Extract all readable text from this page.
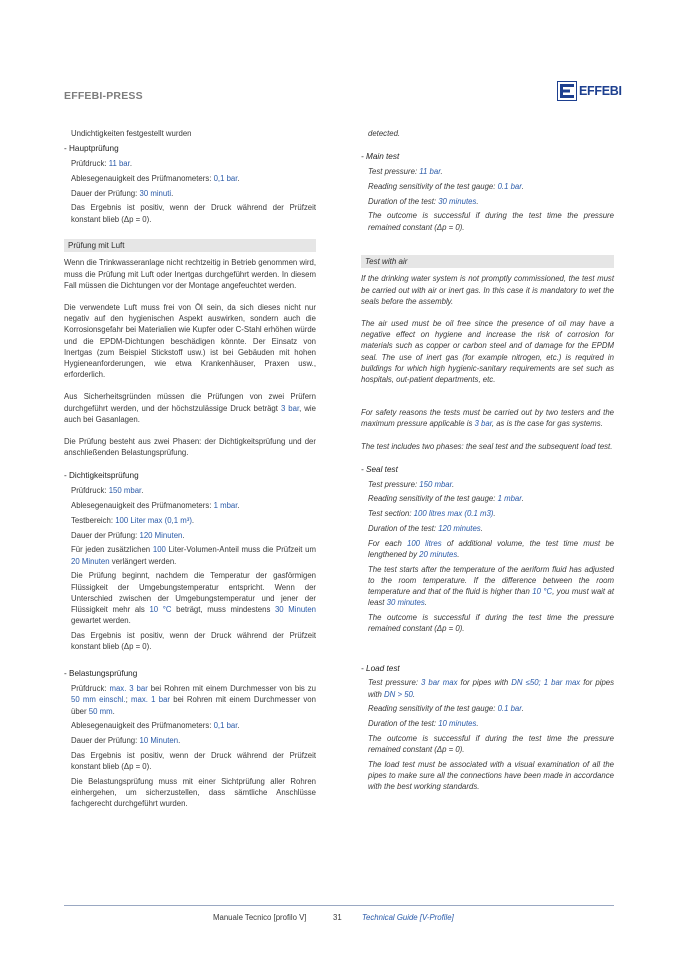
EFFEBI-PRESS	EFFEBI

Undichtigkeiten festgestellt wurden

- Hauptprüfung

Prüfdruck: 11 bar.

Ablesegenauigkeit des Prüfmanometers: 0,1 bar.

Dauer der Prüfung: 30 minuti.

Das Ergebnis ist positiv, wenn der Druck während der Prüfzeit konstant blieb (Δp = 0).

Prüfung mit Luft

Wenn die Trinkwasseranlage nicht rechtzeitig in Betrieb genommen wird, muss die Prüfung mit Luft oder Inertgas durchgeführt werden. In diesem Fall müssen die Dichtungen vor der Montage angefeuchtet werden.

Die verwendete Luft muss frei von Öl sein, da sich dieses nicht nur negativ auf den hygienischen Aspekt auswirken, sondern auch die Korrosionsgefahr bei Materialien wie Kupfer oder C-Stahl erhöhen würde und die EPDM-Dichtungen beschädigen könnte. Der Einsatz von Inertgas (zum Beispiel Stickstoff usw.) ist bei Gebäuden mit hohen Hygieneanforderungen, wie etwa Krankenhäuser, Praxen usw., erforderlich.

Aus Sicherheitsgründen müssen die Prüfungen von zwei Prüfern durchgeführt werden, und der höchstzulässige Druck beträgt 3 bar, wie auch bei Gasanlagen.

Die Prüfung besteht aus zwei Phasen: der Dichtigkeitsprüfung und der anschließenden Belastungsprüfung.

- Dichtigkeitsprüfung

Prüfdruck: 150 mbar.

Ablesegenauigkeit des Prüfmanometers: 1 mbar.

Testbereich: 100 Liter max (0,1 m³).

Dauer der Prüfung: 120 Minuten.

Für jeden zusätzlichen 100 Liter-Volumen-Anteil muss die Prüfzeit um 20 Minuten verlängert werden.

Die Prüfung beginnt, nachdem die Temperatur der gasförmigen Flüssigkeit der Umgebungstemperatur entspricht. Wenn der Unterschied zwischen der Umgebungstemperatur und jener der Flüssigkeit mehr als 10 °C beträgt, muss mindestens 30 Minuten gewartet werden.

Das Ergebnis ist positiv, wenn der Druck während der Prüfzeit konstant blieb (Δp = 0).

- Belastungsprüfung

Prüfdruck: max. 3 bar bei Rohren mit einem Durchmesser von bis zu 50 mm einschl.; max. 1 bar bei Rohren mit einem Durchmesser von über 50 mm.

Ablesegenauigkeit des Prüfmanometers: 0,1 bar.

Dauer der Prüfung: 10 Minuten.

Das Ergebnis ist positiv, wenn der Druck während der Prüfzeit konstant blieb (Δp = 0).

Die Belastungsprüfung muss mit einer Sichtprüfung aller Rohren einhergehen, um sicherzustellen, dass sämtliche Anschlüsse fachgerecht durchgeführt wurden.

detected.

- Main test

Test pressure: 11 bar.

Reading sensitivity of the test gauge: 0.1 bar.

Duration of the test: 30 minutes.

The outcome is successful if during the test time the pressure remained constant (Δp = 0).

Test with air

If the drinking water system is not promptly commissioned, the test must be carried out with air or inert gas. In this case it is mandatory to wet the seals before the assembly.

The air used must be oil free since the presence of oil may have a negative effect on hygiene and increase the risk of corrosion for materials such as copper or carbon steel and of damage for the EPDM seal. The use of inert gas (for example nitrogen, etc.) is required in buildings for which high hygienic-sanitary requirements are set such as hospitals, out-patient departments, etc.

For safety reasons the tests must be carried out by two testers and the maximum pressure applicable is 3 bar, as is the case for gas systems.

The test includes two phases: the seal test and the subsequent load test.

- Seal test

Test pressure: 150 mbar.

Reading sensitivity of the test gauge: 1 mbar.

Test section: 100 litres max (0.1 m3).

Duration of the test: 120 minutes.

For each 100 litres of additional volume, the test time must be lengthened by 20 minutes.

The test starts after the temperature of the aeriform fluid has adjusted to the room temperature. If the difference between the room temperature and that of the fluid is higher than 10 °C, you must wait at least 30 minutes.

The outcome is successful if during the test time the pressure remained constant (Δp = 0).

- Load test

Test pressure: 3 bar max for pipes with DN ≤50; 1 bar max for pipes with DN > 50.

Reading sensitivity of the test gauge: 0.1 bar.

Duration of the test: 10 minutes.

The outcome is successful if during the test time the pressure remained constant (Δp = 0).

The load test must be associated with a visual examination of all the pipes to make sure all the connections have been made in accordance with the best working standards.

Manuale Tecnico [profilo V]	31	Technical Guide [V-Profile]
